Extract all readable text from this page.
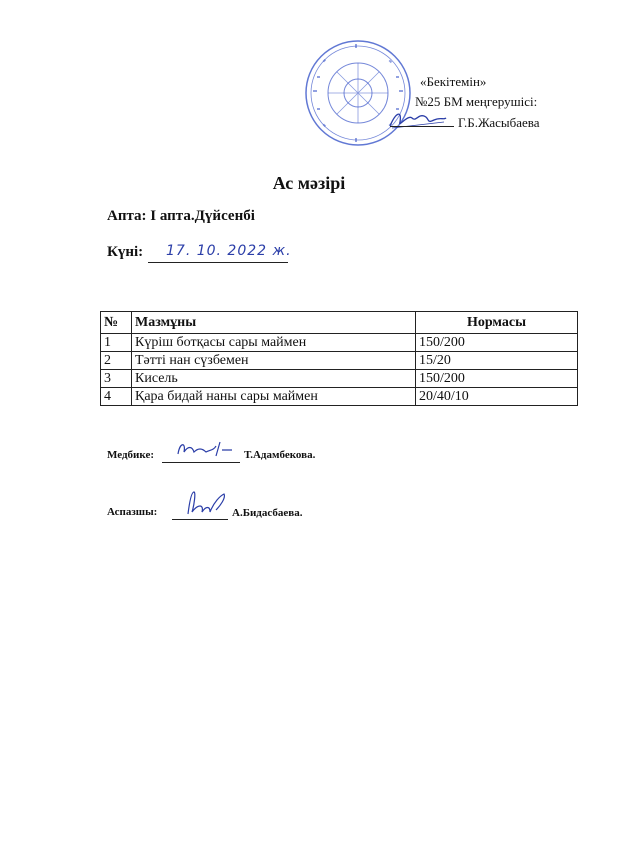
«Бекітемін»
№25 БМ меңгерушісі:
Г.Б.Жасыбаева
Ас мәзірі
Апта: І апта.Дүйсенбі
Күні: 17. 10. 2022 ж.
№	Мазмұны	Нормасы
1	Күріш ботқасы сары маймен	150/200
2	Тәтті нан сүзбемен	15/20
3	Кисель	150/200
4	Қара бидай наны сары маймен	20/40/10
Медбике:	Т.Адамбекова.
Аспазшы:	А.Бидасбаева.
